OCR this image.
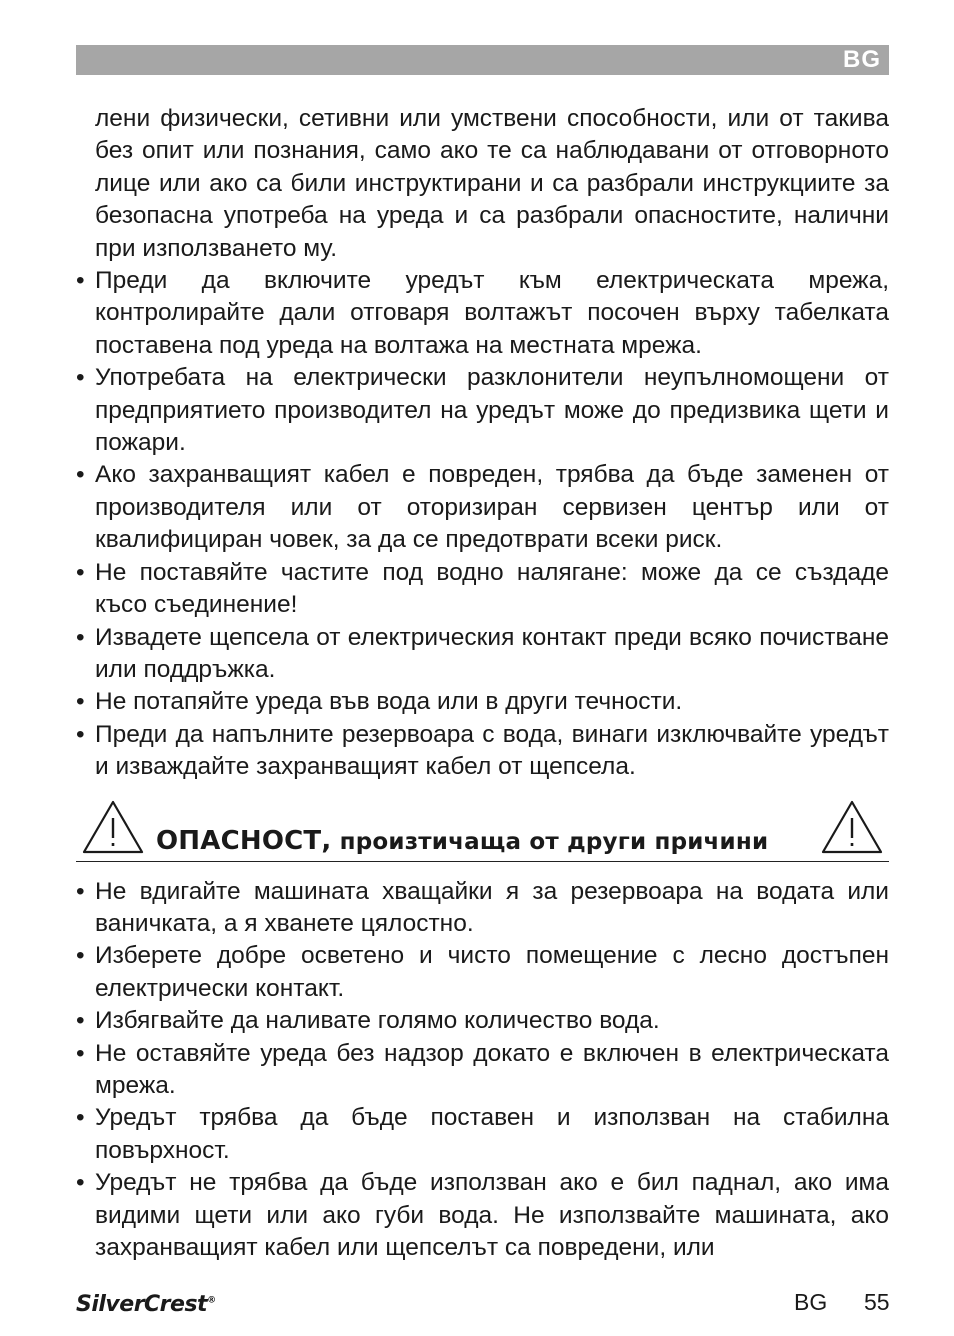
BG

лени физически, сетивни или умствени способности, или от такива без опит или познания, само ако те са наблюдавани от отговорното лице или ако са били инструктирани и са разбрали инструкциите за безопасна употреба на уреда и са разбрали опасностите, налични при използването му.

• Преди да включите уредът към електрическата мрежа, контролирайте дали отговаря волтажът посочен върху табелката поставена под уреда на волтажа на местната мрежа.

• Употребата на електрически разклонители неупълномощени от предприятието производител на уредът може до предизвика щети и пожари.

• Ако захранващият кабел е повреден, трябва да бъде заменен от производителя или от оторизиран сервизен център или от квалифициран човек, за да се предотврати всеки риск.

• Не поставяйте частите под водно налягане: може да се създаде късо съединение!

• Извадете щепсела от електрическия контакт преди всяко почистване или поддръжка.

• Не потапяйте уреда във вода или в други течности.

• Преди да напълните резервоара с вода, винаги изключвайте уредът и изваждайте захранващият кабел от щепсела.

ОПАСНОСТ, произтичаща от други причини

• Не вдигайте машината хващайки я за резервоара на водата или ваничката, а я хванете цялостно.

• Изберете добре осветено и чисто помещение с лесно достъпен електрически контакт.

• Избягвайте да наливате голямо количество вода.

• Не оставяйте уреда без надзор докато е включен в електрическата мрежа.

• Уредът трябва да бъде поставен и използван на стабилна повърхност.

• Уредът не трябва да бъде използван ако е бил паднал, ако има видими щети или ако губи вода. Не използвайте машината, ако захранващият кабел или щепселът са повредени, или

SilverCrest®	BG 55
